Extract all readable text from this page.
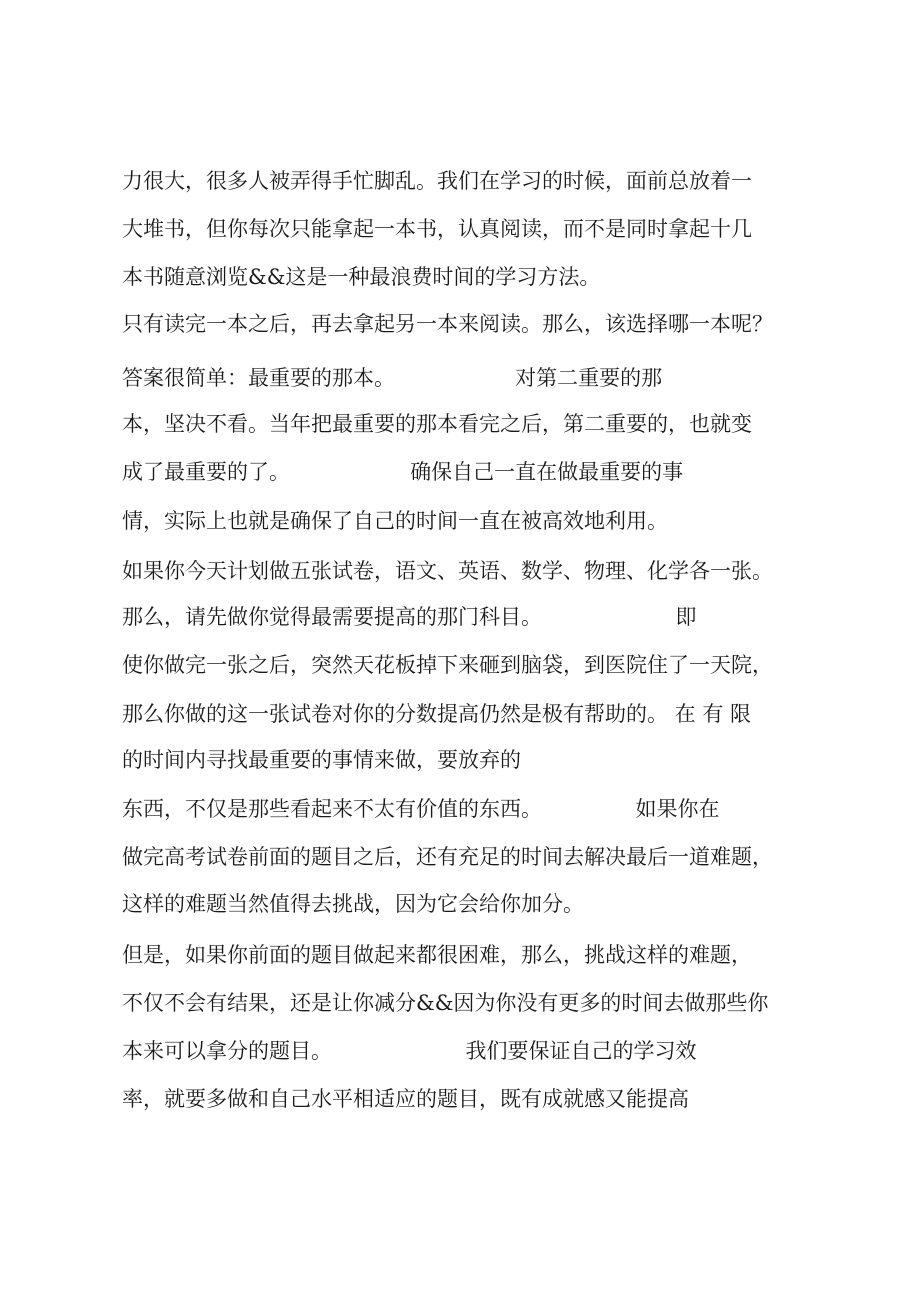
力很大，很多人被弄得手忙脚乱。我们在学习的时候，面前总放着一

大堆书，但你每次只能拿起一本书，认真阅读，而不是同时拿起十几

本书随意浏览&&这是一种最浪费时间的学习方法。

只有读完一本之后，再去拿起另一本来阅读。那么，该选择哪一本呢？

答案很简单：最重要的那本。                  对第二重要的那

本，坚决不看。当年把最重要的那本看完之后，第二重要的，也就变

成了最重要的了。                  确保自己一直在做最重要的事

情，实际上也就是确保了自己的时间一直在被高效地利用。

如果你今天计划做五张试卷，语文、英语、数学、物理、化学各一张。

那么，请先做你觉得最需要提高的那门科目。                    即

使你做完一张之后，突然天花板掉下来砸到脑袋，到医院住了一天院，

那么你做的这一张试卷对你的分数提高仍然是极有帮助的。 在 有 限

的时间内寻找最重要的事情来做，要放弃的

东西，不仅是那些看起来不太有价值的东西。              如果你在

做完高考试卷前面的题目之后，还有充足的时间去解决最后一道难题，

这样的难题当然值得去挑战，因为它会给你加分。

但是，如果你前面的题目做起来都很困难，那么，挑战这样的难题，

不仅不会有结果，还是让你减分&&因为你没有更多的时间去做那些你

本来可以拿分的题目。                    我们要保证自己的学习效

率，就要多做和自己水平相适应的题目，既有成就感又能提高
